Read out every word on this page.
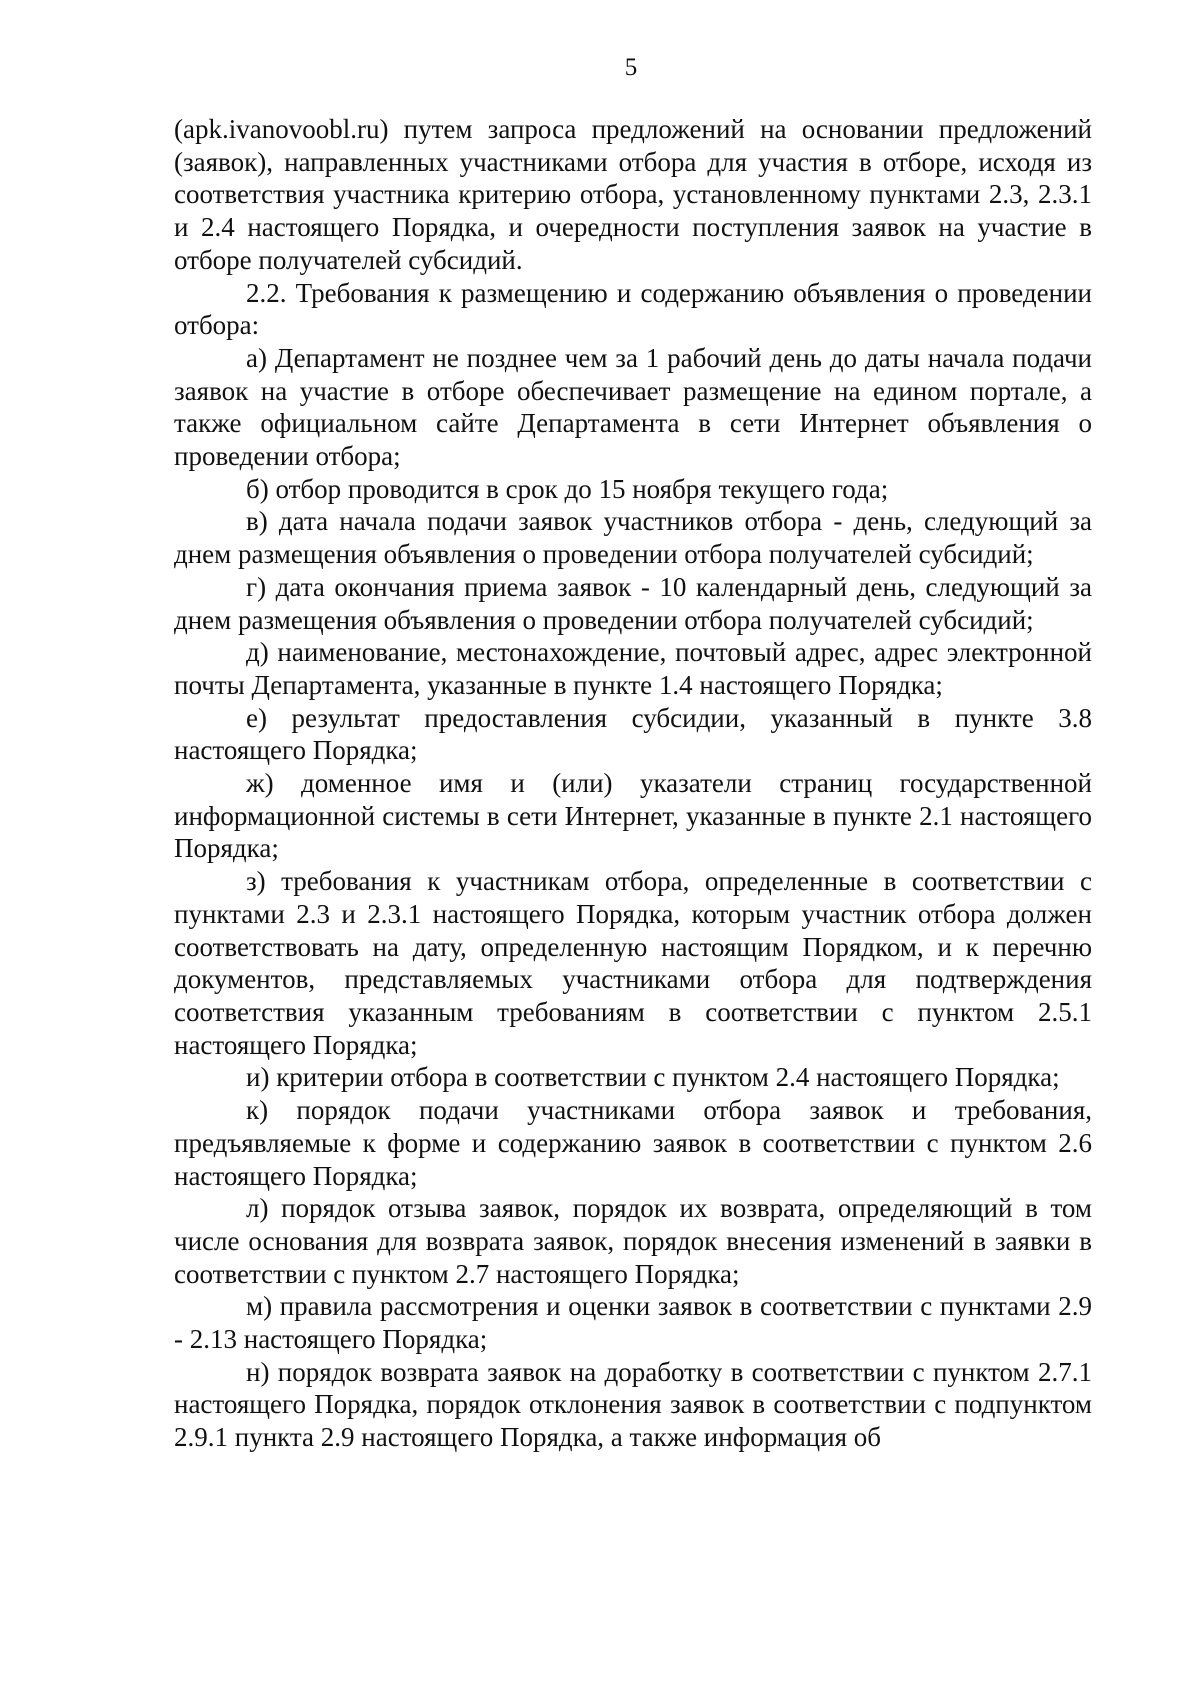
5

(apk.ivanovoobl.ru) путем запроса предложений на основании предложений (заявок), направленных участниками отбора для участия в отборе, исходя из соответствия участника критерию отбора, установленному пунктами 2.3, 2.3.1 и 2.4 настоящего Порядка, и очередности поступления заявок на участие в отборе получателей субсидий.

2.2. Требования к размещению и содержанию объявления о проведении отбора:

а) Департамент не позднее чем за 1 рабочий день до даты начала подачи заявок на участие в отборе обеспечивает размещение на едином портале, а также официальном сайте Департамента в сети Интернет объявления о проведении отбора;

б) отбор проводится в срок до 15 ноября текущего года;

в) дата начала подачи заявок участников отбора - день, следующий за днем размещения объявления о проведении отбора получателей субсидий;

г) дата окончания приема заявок - 10 календарный день, следующий за днем размещения объявления о проведении отбора получателей субсидий;

д) наименование, местонахождение, почтовый адрес, адрес электронной почты Департамента, указанные в пункте 1.4 настоящего Порядка;

е) результат предоставления субсидии, указанный в пункте 3.8 настоящего Порядка;

ж) доменное имя и (или) указатели страниц государственной информационной системы в сети Интернет, указанные в пункте 2.1 настоящего Порядка;

з) требования к участникам отбора, определенные в соответствии с пунктами 2.3 и 2.3.1 настоящего Порядка, которым участник отбора должен соответствовать на дату, определенную настоящим Порядком, и к перечню документов, представляемых участниками отбора для подтверждения соответствия указанным требованиям в соответствии с пунктом 2.5.1 настоящего Порядка;

и) критерии отбора в соответствии с пунктом 2.4 настоящего Порядка;

к) порядок подачи участниками отбора заявок и требования, предъявляемые к форме и содержанию заявок в соответствии с пунктом 2.6 настоящего Порядка;

л) порядок отзыва заявок, порядок их возврата, определяющий в том числе основания для возврата заявок, порядок внесения изменений в заявки в соответствии с пунктом 2.7 настоящего Порядка;

м) правила рассмотрения и оценки заявок в соответствии с пунктами 2.9 - 2.13 настоящего Порядка;

н) порядок возврата заявок на доработку в соответствии с пунктом 2.7.1 настоящего Порядка, порядок отклонения заявок в соответствии с подпунктом 2.9.1 пункта 2.9 настоящего Порядка, а также информация об
